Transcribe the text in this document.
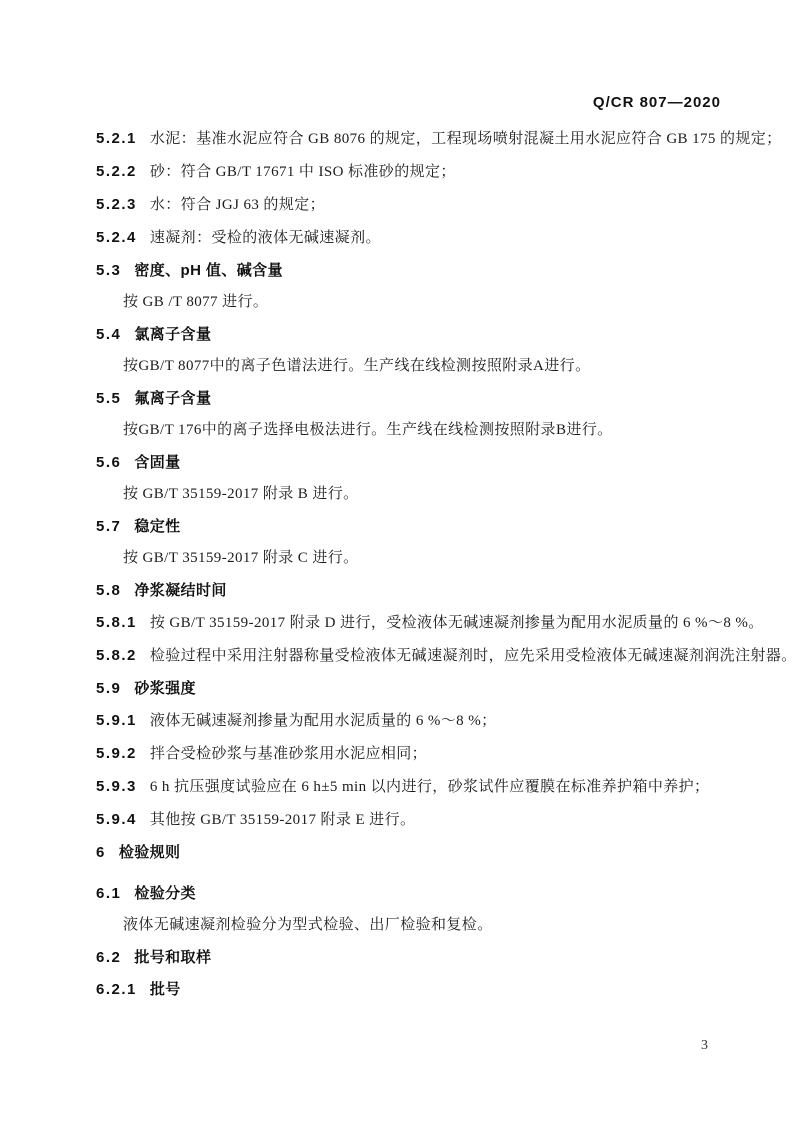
Q/CR 807—2020
5.2.1 水泥：基准水泥应符合 GB 8076 的规定，工程现场喷射混凝土用水泥应符合 GB 175 的规定；
5.2.2 砂：符合 GB/T 17671 中 ISO 标准砂的规定；
5.2.3 水：符合 JGJ 63 的规定；
5.2.4 速凝剂：受检的液体无碱速凝剂。
5.3 密度、pH 值、碱含量
按 GB /T 8077 进行。
5.4 氯离子含量
按GB/T 8077中的离子色谱法进行。生产线在线检测按照附录A进行。
5.5 氟离子含量
按GB/T 176中的离子选择电极法进行。生产线在线检测按照附录B进行。
5.6 含固量
按 GB/T 35159-2017 附录 B 进行。
5.7 稳定性
按 GB/T 35159-2017 附录 C 进行。
5.8 净浆凝结时间
5.8.1 按 GB/T 35159-2017 附录 D 进行，受检液体无碱速凝剂掺量为配用水泥质量的 6 %～8 %。
5.8.2 检验过程中采用注射器称量受检液体无碱速凝剂时，应先采用受检液体无碱速凝剂润洗注射器。
5.9 砂浆强度
5.9.1 液体无碱速凝剂掺量为配用水泥质量的 6 %～8 %；
5.9.2 拌合受检砂浆与基准砂浆用水泥应相同；
5.9.3 6 h 抗压强度试验应在 6 h±5 min 以内进行，砂浆试件应覆膜在标准养护箱中养护；
5.9.4 其他按 GB/T 35159-2017 附录 E 进行。
6 检验规则
6.1 检验分类
液体无碱速凝剂检验分为型式检验、出厂检验和复检。
6.2 批号和取样
6.2.1 批号
3
